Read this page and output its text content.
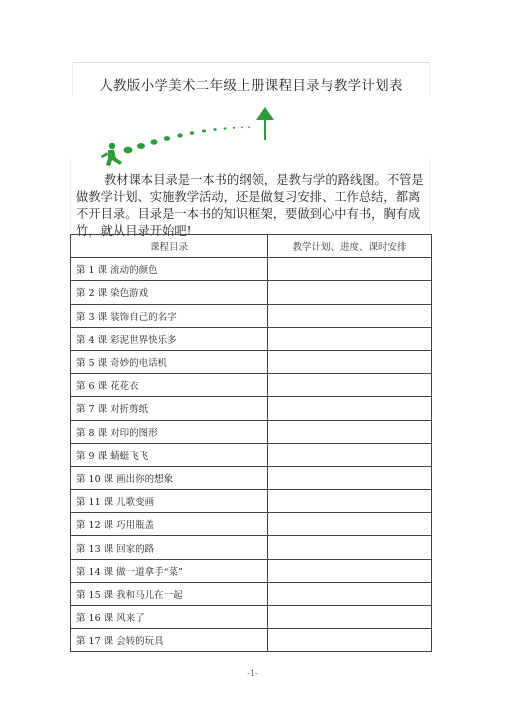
人教版小学美术二年级上册课程目录与教学计划表

教材课本目录是一本书的纲领，是教与学的路线图。不管是做教学计划、实施教学活动，还是做复习安排、工作总结，都离不开目录。目录是一本书的知识框架，要做到心中有书，胸有成竹，就从目录开始吧!

课程目录	教学计划、进度、课时安排
第 1 课 流动的颜色	
第 2 课 染色游戏	
第 3 课 装饰自己的名字	
第 4 课 彩泥世界快乐多	
第 5 课 奇妙的电话机	
第 6 课 花花衣	
第 7 课 对折剪纸	
第 8 课 对印的图形	
第 9 课 蜻蜓飞飞	
第 10 课 画出你的想象	
第 11 课 儿歌变画	
第 12 课 巧用瓶盖	
第 13 课 回家的路	
第 14 课 做一道拿手“菜”	
第 15 课 我和马儿在一起	
第 16 课 风来了	
第 17 课 会转的玩具	
-1-
